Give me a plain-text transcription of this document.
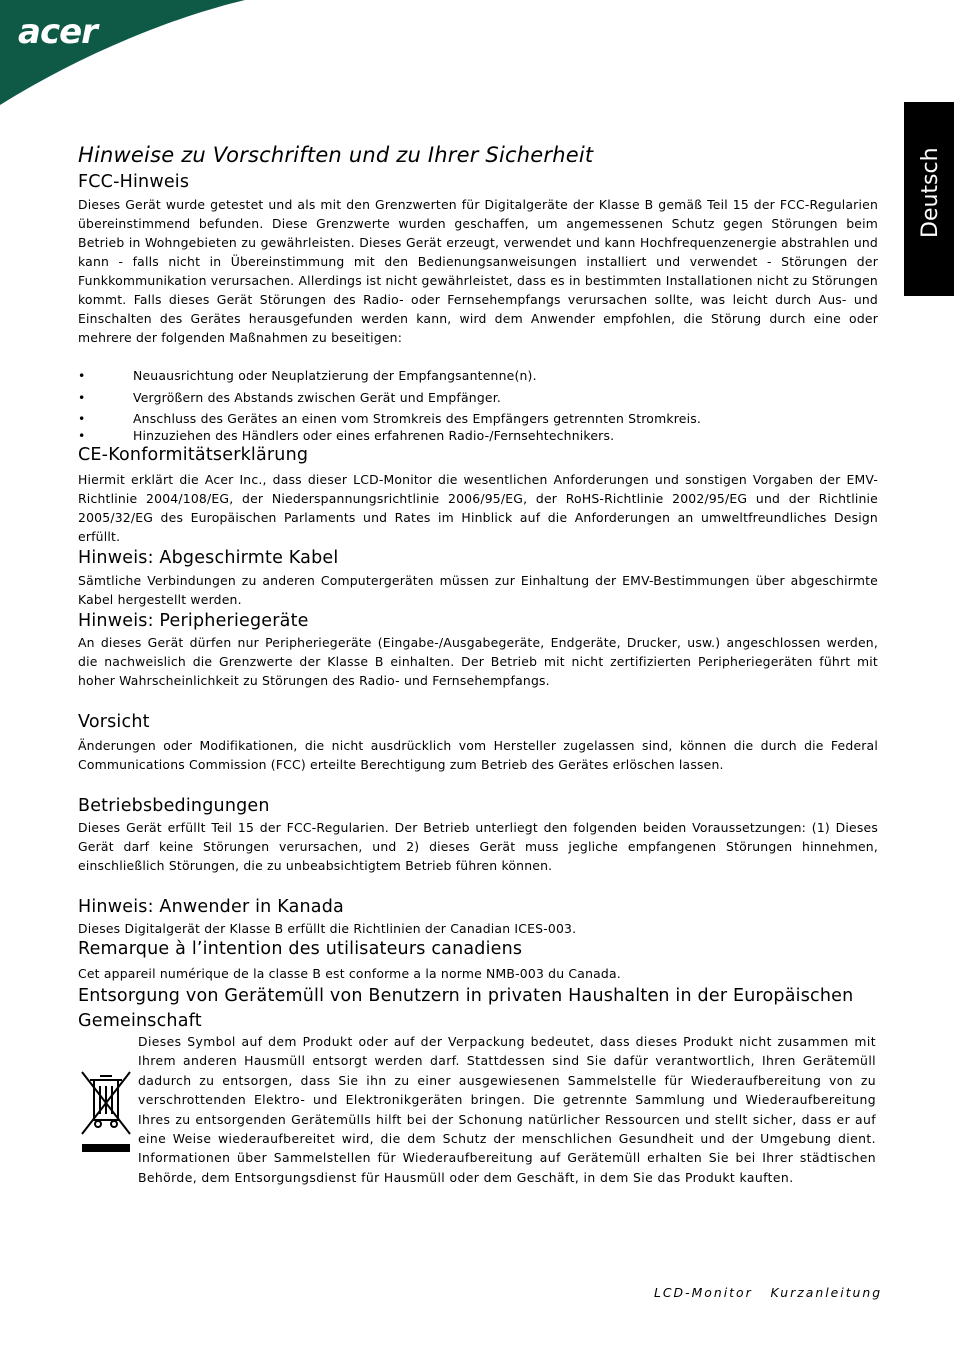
acer
Deutsch
Hinweise zu Vorschriften und zu Ihrer Sicherheit
FCC-Hinweis
Dieses Gerät wurde getestet und als mit den Grenzwerten für Digitalgeräte der Klasse B gemäß Teil 15 der FCC-Regularien übereinstimmend befunden. Diese Grenzwerte wurden geschaffen, um angemessenen Schutz gegen Störungen beim Betrieb in Wohngebieten zu gewährleisten. Dieses Gerät erzeugt, verwendet und kann Hochfrequenzenergie abstrahlen und kann - falls nicht in Übereinstimmung mit den Bedienungsanweisungen installiert und verwendet - Störungen der Funkkommunikation verursachen. Allerdings ist nicht gewährleistet, dass es in bestimmten Installationen nicht zu Störungen kommt. Falls dieses Gerät Störungen des Radio- oder Fernsehempfangs verursachen sollte, was leicht durch Aus- und Einschalten des Gerätes herausgefunden werden kann, wird dem Anwender empfohlen, die Störung durch eine oder mehrere der folgenden Maßnahmen zu beseitigen:
• Neuausrichtung oder Neuplatzierung der Empfangsantenne(n).
• Vergrößern des Abstands zwischen Gerät und Empfänger.
• Anschluss des Gerätes an einen vom Stromkreis des Empfängers getrennten Stromkreis.
• Hinzuziehen des Händlers oder eines erfahrenen Radio-/Fernsehtechnikers.
CE-Konformitätserklärung
Hiermit erklärt die Acer Inc., dass dieser LCD-Monitor die wesentlichen Anforderungen und sonstigen Vorgaben der EMV-Richtlinie 2004/108/EG, der Niederspannungsrichtlinie 2006/95/EG, der RoHS-Richtlinie 2002/95/EG und der Richtlinie 2005/32/EG des Europäischen Parlaments und Rates im Hinblick auf die Anforderungen an umweltfreundliches Design erfüllt.
Hinweis: Abgeschirmte Kabel
Sämtliche Verbindungen zu anderen Computergeräten müssen zur Einhaltung der EMV-Bestimmungen über abgeschirmte Kabel hergestellt werden.
Hinweis: Peripheriegeräte
An dieses Gerät dürfen nur Peripheriegeräte (Eingabe-/Ausgabegeräte, Endgeräte, Drucker, usw.) angeschlossen werden, die nachweislich die Grenzwerte der Klasse B einhalten. Der Betrieb mit nicht zertifizierten Peripheriegeräten führt mit hoher Wahrscheinlichkeit zu Störungen des Radio- und Fernsehempfangs.
Vorsicht
Änderungen oder Modifikationen, die nicht ausdrücklich vom Hersteller zugelassen sind, können die durch die Federal Communications Commission (FCC) erteilte Berechtigung zum Betrieb des Gerätes erlöschen lassen.
Betriebsbedingungen
Dieses Gerät erfüllt Teil 15 der FCC-Regularien. Der Betrieb unterliegt den folgenden beiden Voraussetzungen: (1) Dieses Gerät darf keine Störungen verursachen, und 2) dieses Gerät muss jegliche empfangenen Störungen hinnehmen, einschließlich Störungen, die zu unbeabsichtigtem Betrieb führen können.
Hinweis: Anwender in Kanada
Dieses Digitalgerät der Klasse B erfüllt die Richtlinien der Canadian ICES-003.
Remarque à l’intention des utilisateurs canadiens
Cet appareil numérique de la classe B est conforme a la norme NMB-003 du Canada.
Entsorgung von Gerätemüll von Benutzern in privaten Haushalten in der Europäischen Gemeinschaft
Dieses Symbol auf dem Produkt oder auf der Verpackung bedeutet, dass dieses Produkt nicht zusammen mit Ihrem anderen Hausmüll entsorgt werden darf. Stattdessen sind Sie dafür verantwortlich, Ihren Gerätemüll dadurch zu entsorgen, dass Sie ihn zu einer ausgewiesenen Sammelstelle für Wiederaufbereitung von zu verschrottenden Elektro- und Elektronikgeräten bringen. Die getrennte Sammlung und Wiederaufbereitung Ihres zu entsorgenden Gerätemülls hilft bei der Schonung natürlicher Ressourcen und stellt sicher, dass er auf eine Weise wiederaufbereitet wird, die dem Schutz der menschlichen Gesundheit und der Umgebung dient. Informationen über Sammelstellen für Wiederaufbereitung auf Gerätemüll erhalten Sie bei Ihrer städtischen Behörde, dem Entsorgungsdienst für Hausmüll oder dem Geschäft, in dem Sie das Produkt kauften.
LCD-Monitor Kurzanleitung
